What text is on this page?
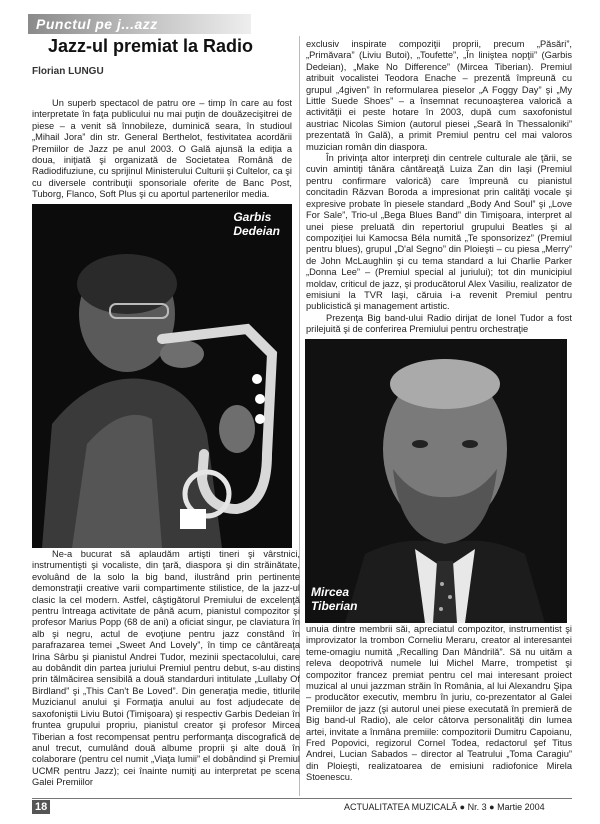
Punctul pe j...azz
Jazz-ul premiat la Radio
Florian LUNGU

Un superb spectacol de patru ore – timp în care au fost interpretate în faţa publicului nu mai puţin de douăzecişitrei de piese – a venit să înnobileze, duminică seara, în studioul „Mihail Jora” din str. General Berthelot, festivitatea acordării Premiilor de Jazz pe anul 2003. O Gală ajunsă la ediţia a doua, iniţiată şi organizată de Societatea Română de Radiodifuziune, cu sprijinul Ministerului Culturii şi Cultelor, ca şi cu diversele contribuţii sponsoriale oferite de Banc Post, Tuborg, Flanco, Soft Plus şi cu aportul partenerilor media.

Garbis
Dedeian

Ne-a bucurat să aplaudăm artişti tineri şi vârstnici, instrumentişti şi vocaliste, din ţară, diaspora şi din străinătate, evoluând de la solo la big band, ilustrând prin pertinente demonstraţii creative varii compartimente stilistice, de la jazz-ul clasic la cel modern. Astfel, câştigătorul Premiului de excelenţă pentru întreaga activitate de până acum, pianistul compozitor şi profesor Marius Popp (68 de ani) a oficiat singur, pe claviatura în alb şi negru, actul de evoţiune pentru jazz constând în parafrazarea temei „Sweet And Lovely”, în timp ce cântăreaţa Irina Sârbu şi pianistul Andrei Tudor, mezinii spectacolului, care au dobândit din partea juriului Premiul pentru debut, s-au distins prin tălmăcirea sensibilă a două standarduri intitulate „Lullaby Of Birdland” şi „This Can't Be Loved”. Din generaţia medie, titlurile Muzicianul anului şi Formaţia anului au fost adjudecate de saxofoniştii Liviu Butoi (Timişoara) şi respectiv Garbis Dedeian în fruntea grupului propriu, pianistul creator şi profesor Mircea Tiberian a fost recompensat pentru performanţa discografică de anul trecut, cumulând două albume proprii şi alte două în colaborare (pentru cel numit „Viaţa lumii” el dobândind şi Premiul UCMR pentru Jazz); cei înainte numiţi au interpretat pe scena Galei Premiilor

exclusiv inspirate compoziţii proprii, precum „Păsări”, „Primăvara” (Liviu Butoi), „Toufette”, „În linişteа nopţii” (Garbis Dedeian), „Make No Difference” (Mircea Tiberian). Premiul atribuit vocalistei Teodora Enache – prezentă împreună cu grupul „4given” în reformularea pieselor „A Foggy Day” şi „My Little Suede Shoes” – a însemnat recunoaşterea valorică a activităţii ei peste hotare în 2003, după cum saxofonistul austriac Nicolas Simion (autorul piesei „Seară în Thessaloniki” prezentată în Gală), a primit Premiul pentru cel mai valoros muzician român din diaspora.

În privinţa altor interpreţi din centrele culturale ale ţării, se cuvin amintiţi tânăra cântăreaţă Luiza Zan din Iaşi (Premiul pentru confirmare valorică) care împreună cu pianistul concitadin Răzvan Boroda a impresionat prin calităţi vocale şi expresive probate în piesele standard „Body And Soul” şi „Love For Sale”, Trio-ul „Bega Blues Band” din Timişoara, interpret al unei piese preluată din repertoriul grupului Beatles şi al compoziţiei lui Kamocsa Béla numită „Te sponsorizez” (Premiul pentru blues), grupul „D'al Segno” din Ploieşti – cu piesa „Merry” de John McLaughlin şi cu tema standard a lui Charlie Parker „Donna Lee” – (Premiul special al juriului); tot din municipiul moldav, criticul de jazz, şi producătorul Alex Vasiliu, realizator de emisiuni la TVR Iaşi, căruia i-a revenit Premiul pentru publicistică şi management artistic.

Prezenţa Big band-ului Radio dirijat de Ionel Tudor a fost prilejuită şi de conferirea Premiului pentru orchestraţie

Mircea
Tiberian

unuia dintre membrii săi, apreciatul compozitor, instrumentist şi improvizator la trombon Corneliu Meraru, creator al interesantei teme-omagiu numită „Recalling Dan Mândrilă”. Să nu uităm a releva deopotrivă numele lui Michel Marre, trompetist şi compozitor francez premiat pentru cel mai interesant proiect muzical al unui jazzman străin în România, al lui Alexandru Şipa – producător executiv, membru în juriu, co-prezentator al Galei Premiilor de jazz (şi autorul unei piese executată în premieră de Big band-ul Radio), ale celor câtorva personalităţi din lumea artei, invitate a înmâna premiile: compozitorii Dumitru Capoianu, Fred Popovici, regizorul Cornel Todea, redactorul şef Titus Andrei, Lucian Sabados – director al Teatrului „Toma Caragiu” din Ploieşti, realizatoarea de emisiuni radiofonice Mirela Stoenescu.

18	ACTUALITATEA MUZICALĂ ● Nr. 3 ● Martie 2004
